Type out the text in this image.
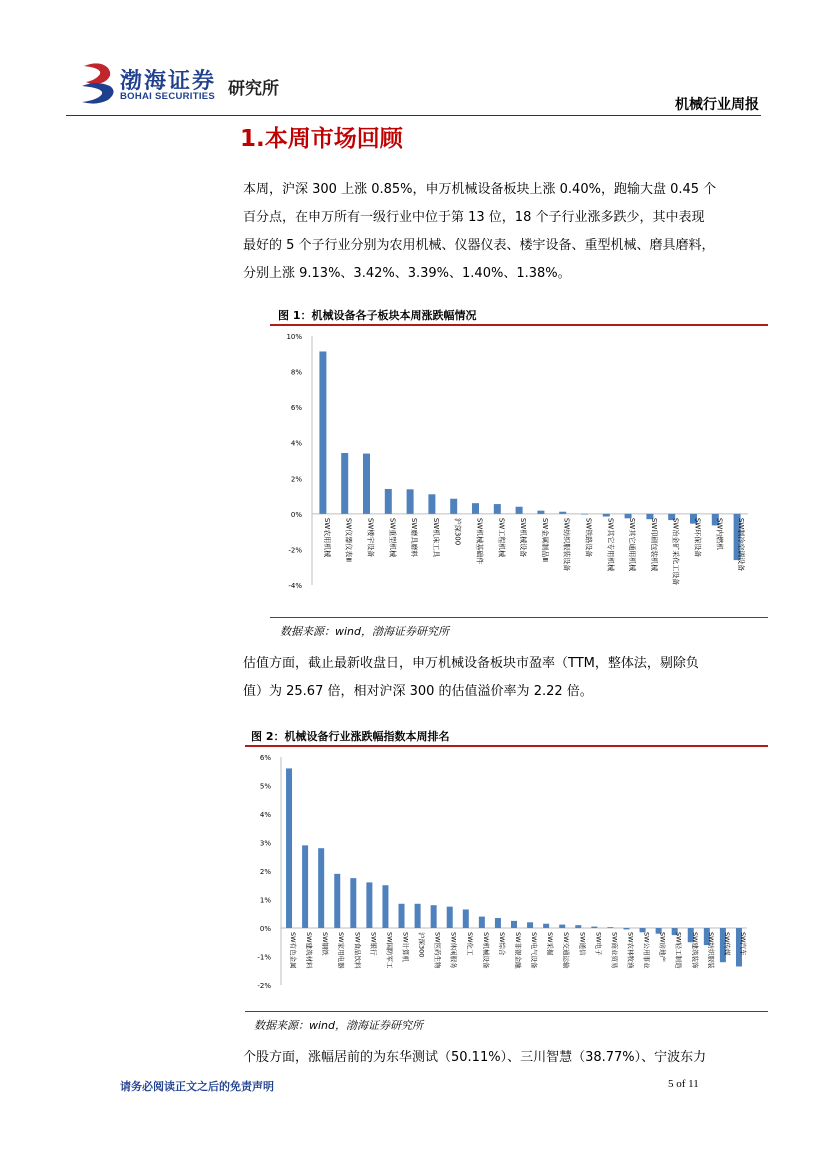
渤海证券
BOHAI SECURITIES 研究所
机械行业周报
1.本周市场回顾
本周，沪深 300 上涨 0.85%，申万机械设备板块上涨 0.40%，跑输大盘 0.45 个
百分点，在申万所有一级行业中位于第 13 位，18 个子行业涨多跌少，其中表现
最好的 5 个子行业分别为农用机械、仪器仪表、楼宇设备、重型机械、磨具磨料，
分别上涨 9.13%、3.42%、3.39%、1.40%、1.38%。
图 1：机械设备各子板块本周涨跌幅情况
10%
8%
6%
4%
2%
0%
-2%
-4%
SW农用机械 SW仪器仪表Ⅲ SW楼宇设备 SW重型机械 SW磨具磨料 SW机床工具 沪深300 SW机械基础件 SW工程机械 SW机械设备 SW金属制品Ⅲ SW纺织服装设备 SW铁路设备 SW其它专用机械 SW其它通用机械 SW印刷包装机械 SW冶金矿采化工设备 SW环保设备 SW内燃机 SW制冷空调设备
数据来源：wind，渤海证券研究所
估值方面，截止最新收盘日，申万机械设备板块市盈率（TTM，整体法，剔除负
值）为 25.67 倍，相对沪深 300 的估值溢价率为 2.22 倍。
图 2：机械设备行业涨跌幅指数本周排名
6%
5%
4%
3%
2%
1%
0%
-1%
-2%
SW有色金属 SW建筑材料 SW钢铁 SW家用电器 SW食品饮料 SW银行 SW国防军工 SW计算机 沪深300 SW医药生物 SW休闲服务 SW化工 SW机械设备 SW综合 SW非银金融 SW电气设备 SW采掘 SW交通运输 SW通信 SW电子 SW商业贸易 SW农林牧渔 SW公用事业 SW房地产 SW轻工制造 SW建筑装饰 SW纺织服装 SW传媒 SW汽车
数据来源：wind，渤海证券研究所
个股方面，涨幅居前的为东华测试（50.11%）、三川智慧（38.77%）、宁波东力
请务必阅读正文之后的免责声明	5 of 11
